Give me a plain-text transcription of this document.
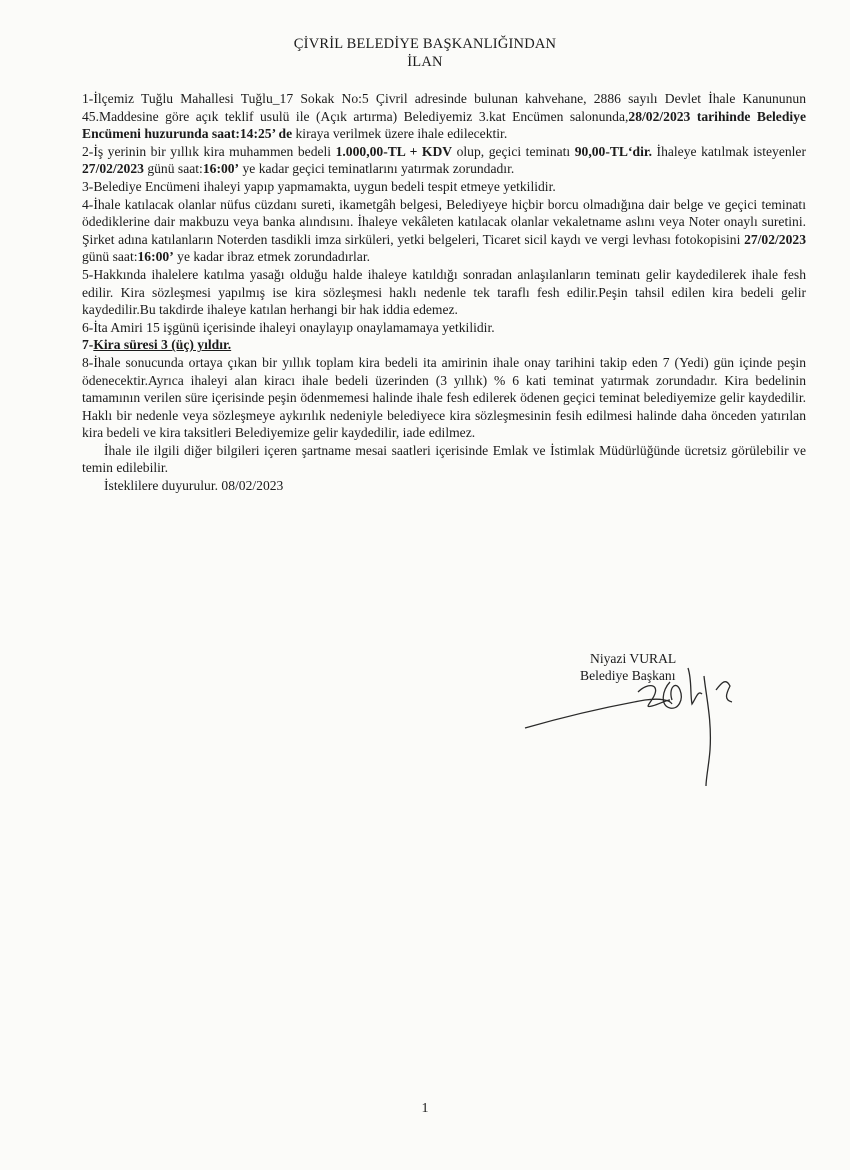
ÇİVRİL BELEDİYE BAŞKANLIĞINDAN
İLAN

1-İlçemiz Tuğlu Mahallesi Tuğlu_17 Sokak No:5 Çivril adresinde bulunan kahvehane, 2886 sayılı Devlet İhale Kanununun 45.Maddesine göre açık teklif usulü ile (Açık artırma) Belediyemiz 3.kat Encümen salonunda,28/02/2023 tarihinde Belediye Encümeni huzurunda saat:14:25’ de kiraya verilmek üzere ihale edilecektir.

2-İş yerinin bir yıllık kira muhammen bedeli 1.000,00-TL + KDV olup, geçici teminatı 90,00-TL‘dir. İhaleye katılmak isteyenler 27/02/2023 günü saat:16:00’ ye kadar geçici teminatlarını yatırmak zorundadır.

3-Belediye Encümeni ihaleyi yapıp yapmamakta, uygun bedeli tespit etmeye yetkilidir.

4-İhale katılacak olanlar nüfus cüzdanı sureti, ikametgâh belgesi, Belediyeye hiçbir borcu olmadığına dair belge ve geçici teminatı ödediklerine dair makbuzu veya banka alındısını. İhaleye vekâleten katılacak olanlar vekaletname aslını veya Noter onaylı suretini. Şirket adına katılanların Noterden tasdikli imza sirküleri, yetki belgeleri, Ticaret sicil kaydı ve vergi levhası fotokopisini 27/02/2023 günü saat:16:00’ ye kadar ibraz etmek zorundadırlar.

5-Hakkında ihalelere katılma yasağı olduğu halde ihaleye katıldığı sonradan anlaşılanların teminatı gelir kaydedilerek ihale fesh edilir. Kira sözleşmesi yapılmış ise kira sözleşmesi haklı nedenle tek taraflı fesh edilir.Peşin tahsil edilen kira bedeli gelir kaydedilir.Bu takdirde ihaleye katılan herhangi bir hak iddia edemez.

6-İta Amiri 15 işgünü içerisinde ihaleyi onaylayıp onaylamamaya yetkilidir.

7-Kira süresi 3 (üç) yıldır.

8-İhale sonucunda ortaya çıkan bir yıllık toplam kira bedeli ita amirinin ihale onay tarihini takip eden 7 (Yedi) gün içinde peşin ödenecektir.Ayrıca ihaleyi alan kiracı ihale bedeli üzerinden (3 yıllık) % 6 kati teminat yatırmak zorundadır. Kira bedelinin tamamının verilen süre içerisinde peşin ödenmemesi halinde ihale fesh edilerek ödenen geçici teminat belediyemize gelir kaydedilir. Haklı bir nedenle veya sözleşmeye aykırılık nedeniyle belediyece kira sözleşmesinin fesih edilmesi halinde daha önceden yatırılan kira bedeli ve kira taksitleri Belediyemize gelir kaydedilir, iade edilmez.

İhale ile ilgili diğer bilgileri içeren şartname mesai saatleri içerisinde Emlak ve İstimlak Müdürlüğünde ücretsiz görülebilir ve temin edilebilir.

İsteklilere duyurulur. 08/02/2023

Niyazi VURAL
Belediye Başkanı
1
